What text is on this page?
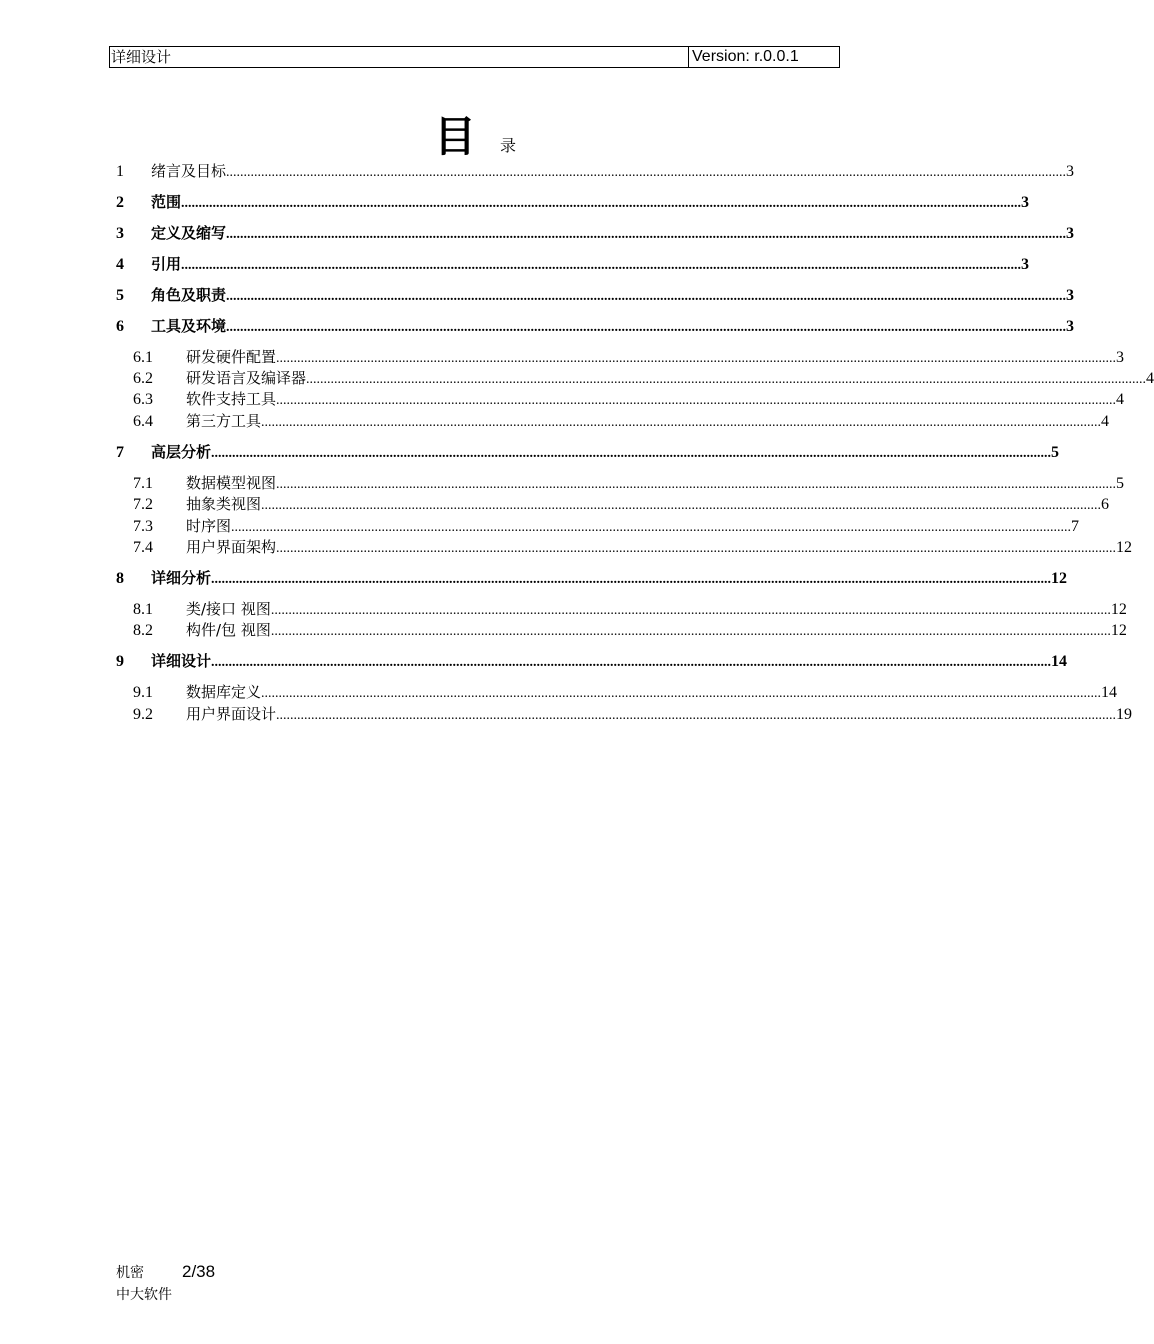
详细设计	Version: r.0.0.1
目 录
1	绪言及目标 ................................................................................................................................................................................................................................................ 3
2	范围 ................................................................................................................................................................................................................................................ 3
3	定义及缩写 ................................................................................................................................................................................................................................................ 3
4	引用 ................................................................................................................................................................................................................................................ 3
5	角色及职责 ................................................................................................................................................................................................................................................ 3
6	工具及环境 ................................................................................................................................................................................................................................................ 3
6.1	研发硬件配置 ................................................................................................................................................................................................................................................ 3
6.2	研发语言及编译器 ................................................................................................................................................................................................................................................ 4
6.3	软件支持工具 ................................................................................................................................................................................................................................................ 4
6.4	第三方工具 ................................................................................................................................................................................................................................................ 4
7	高层分析 ................................................................................................................................................................................................................................................ 5
7.1	数据模型视图 ................................................................................................................................................................................................................................................ 5
7.2	抽象类视图 ................................................................................................................................................................................................................................................ 6
7.3	时序图 ................................................................................................................................................................................................................................................ 7
7.4	用户界面架构 ................................................................................................................................................................................................................................................ 12
8	详细分析 ................................................................................................................................................................................................................................................ 12
8.1	类/接口 视图 ................................................................................................................................................................................................................................................ 12
8.2	构件/包 视图 ................................................................................................................................................................................................................................................ 12
9	详细设计 ................................................................................................................................................................................................................................................ 14
9.1	数据库定义 ................................................................................................................................................................................................................................................ 14
9.2	用户界面设计 ................................................................................................................................................................................................................................................ 19
机密	2/38
中大软件
